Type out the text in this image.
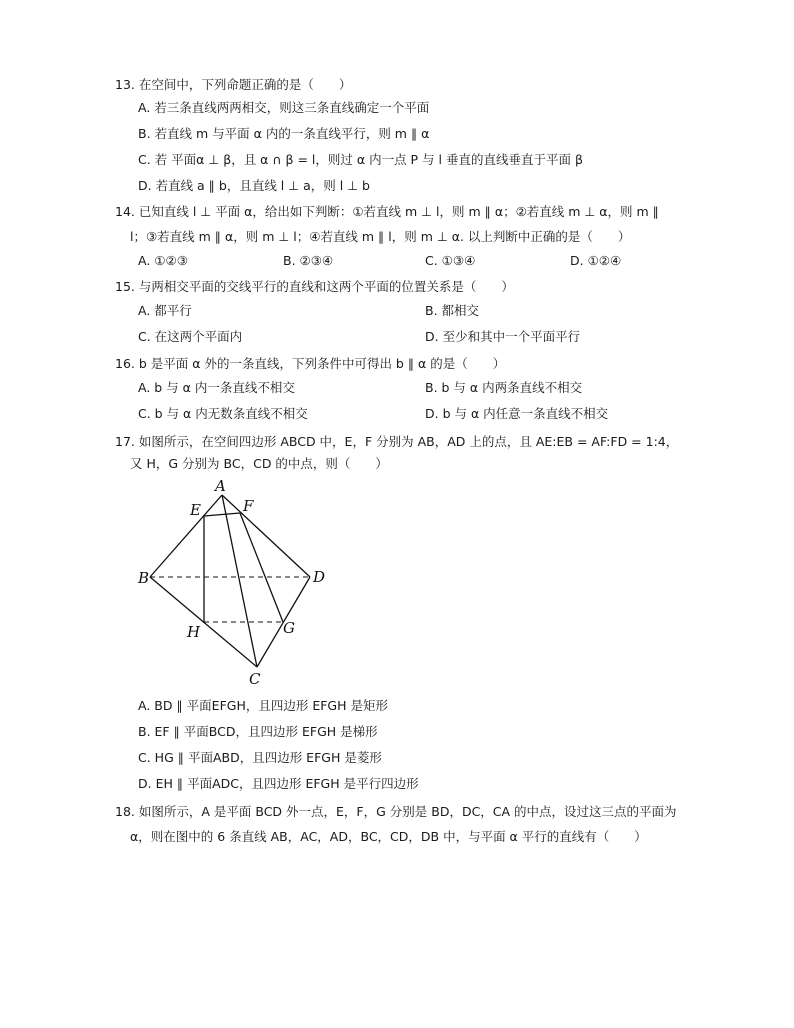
13. 在空间中，下列命题正确的是（　　）
A. 若三条直线两两相交，则这三条直线确定一个平面
B. 若直线 m 与平面 α 内的一条直线平行，则 m ∥ α
C. 若 平面α ⊥ β，且 α ∩ β = l，则过 α 内一点 P 与 l 垂直的直线垂直于平面 β
D. 若直线 a ∥ b，且直线 l ⊥ a，则 l ⊥ b
14. 已知直线 l ⊥ 平面 α，给出如下判断：①若直线 m ⊥ l，则 m ∥ α；②若直线 m ⊥ α，则 m ∥
l；③若直线 m ∥ α，则 m ⊥ l；④若直线 m ∥ l，则 m ⊥ α. 以上判断中正确的是（　　）
A. ①②③	B. ②③④	C. ①③④	D. ①②④
15. 与两相交平面的交线平行的直线和这两个平面的位置关系是（　　）
A. 都平行	B. 都相交
C. 在这两个平面内	D. 至少和其中一个平面平行
16. b 是平面 α 外的一条直线，下列条件中可得出 b ∥ α 的是（　　）
A. b 与 α 内一条直线不相交	B. b 与 α 内两条直线不相交
C. b 与 α 内无数条直线不相交	D. b 与 α 内任意一条直线不相交
17. 如图所示，在空间四边形 ABCD 中，E，F 分别为 AB，AD 上的点，且 AE:EB = AF:FD = 1:4，
又 H，G 分别为 BC，CD 的中点，则（　　）
A
E	F
B	D
H	G
C
A. BD ∥ 平面EFGH，且四边形 EFGH 是矩形
B. EF ∥ 平面BCD，且四边形 EFGH 是梯形
C. HG ∥ 平面ABD，且四边形 EFGH 是菱形
D. EH ∥ 平面ADC，且四边形 EFGH 是平行四边形
18. 如图所示，A 是平面 BCD 外一点，E，F，G 分别是 BD，DC，CA 的中点，设过这三点的平面为
α，则在图中的 6 条直线 AB，AC，AD，BC，CD，DB 中，与平面 α 平行的直线有（　　）
